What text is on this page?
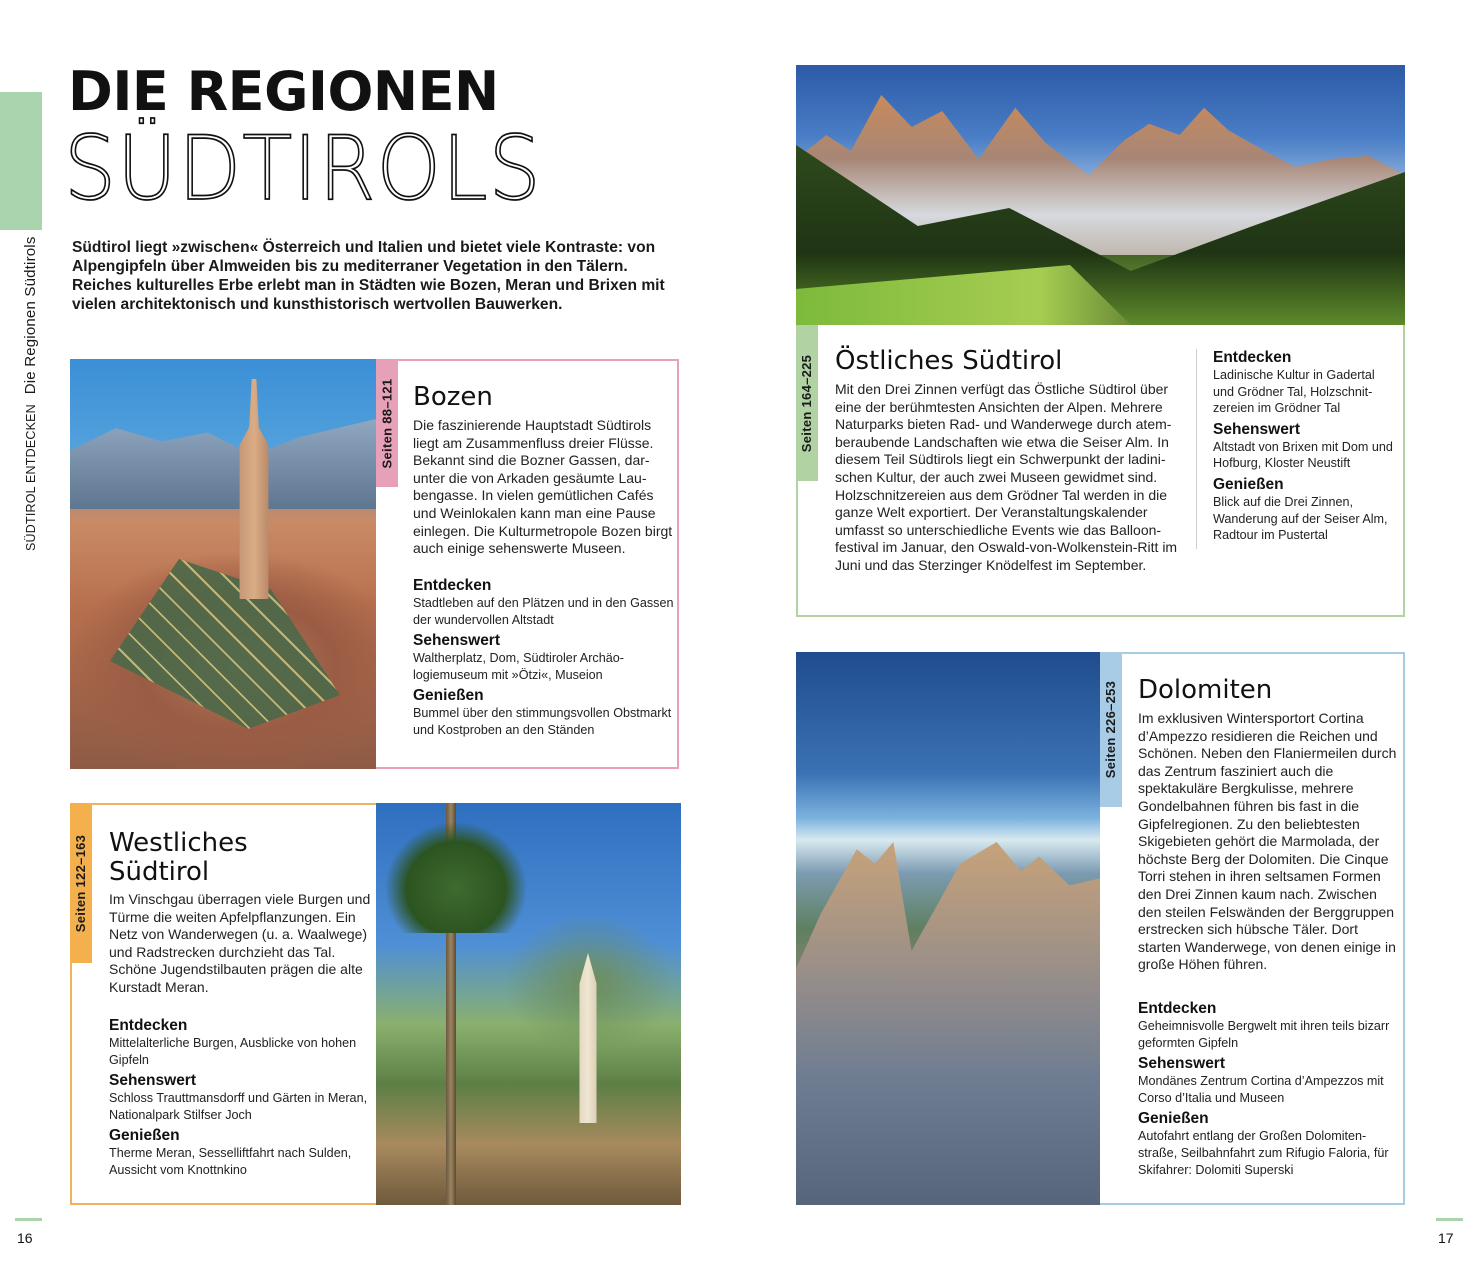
SÜDTIROL ENTDECKEN Die Regionen Südtirols
DIE REGIONEN
SÜDTIROLS

Südtirol liegt »zwischen« Österreich und Italien und bietet viele Kontraste: von Alpengipfeln über Almweiden bis zu mediterraner Vegetation in den Tälern. Reiches kulturelles Erbe erlebt man in Städten wie Bozen, Meran und Brixen mit vielen architektonisch und kunsthistorisch wertvollen Bauwerken.

Seiten 88–121 Bozen

Die faszinierende Hauptstadt Südtirols liegt am Zusammenfluss dreier Flüsse. Bekannt sind die Bozner Gassen, darunter die von Arkaden gesäumte Laubengasse. In vielen gemütlichen Cafés und Weinlokalen kann man eine Pause einlegen. Die Kulturmetropole Bozen birgt auch einige sehenswerte Museen.

Entdecken

Stadtleben auf den Plätzen und in den Gassen der wundervollen Altstadt

Sehenswert

Waltherplatz, Dom, Südtiroler Archäologiemuseum mit »Ötzi«, Museion

Genießen

Bummel über den stimmungsvollen Obstmarkt und Kostproben an den Ständen

Seiten 122–163 Westliches
Südtirol

Im Vinschgau überragen viele Burgen und Türme die weiten Apfelpflanzungen. Ein Netz von Wanderwegen (u. a. Waalwege) und Radstrecken durchzieht das Tal. Schöne Jugendstilbauten prägen die alte Kurstadt Meran.

Entdecken

Mittelalterliche Burgen, Ausblicke von hohen Gipfeln

Sehenswert

Schloss Trauttmansdorff und Gärten in Meran, Nationalpark Stilfser Joch

Genießen

Therme Meran, Sesselliftfahrt nach Sulden, Aussicht vom Knottnkino

Seiten 164–225 Östliches Südtirol

Mit den Drei Zinnen verfügt das Östliche Südtirol über eine der berühmtesten Ansichten der Alpen. Mehrere Naturparks bieten Rad- und Wanderwege durch atemberaubende Landschaften wie etwa die Seiser Alm. In diesem Teil Südtirols liegt ein Schwerpunkt der ladinischen Kultur, der auch zwei Museen gewidmet sind. Holzschnitzereien aus dem Grödner Tal werden in die ganze Welt exportiert. Der Veranstaltungskalender umfasst so unterschiedliche Events wie das Balloonfestival im Januar, den Oswald-von-Wolkenstein-Ritt im Juni und das Sterzinger Knödelfest im September.

Entdecken

Ladinische Kultur in Gadertal und Grödner Tal, Holzschnitzereien im Grödner Tal

Sehenswert

Altstadt von Brixen mit Dom und Hofburg, Kloster Neustift

Genießen

Blick auf die Drei Zinnen, Wanderung auf der Seiser Alm, Radtour im Pustertal

Seiten 226–253 Dolomiten

Im exklusiven Wintersportort Cortina d’Ampezzo residieren die Reichen und Schönen. Neben den Flaniermeilen durch das Zentrum fasziniert auch die spektakuläre Bergkulisse, mehrere Gondelbahnen führen bis fast in die Gipfelregionen. Zu den beliebtesten Skigebieten gehört die Marmolada, der höchste Berg der Dolomiten. Die Cinque Torri stehen in ihren seltsamen Formen den Drei Zinnen kaum nach. Zwischen den steilen Felswänden der Berggruppen erstrecken sich hübsche Täler. Dort starten Wanderwege, von denen einige in große Höhen führen.

Entdecken

Geheimnisvolle Bergwelt mit ihren teils bizarr geformten Gipfeln

Sehenswert

Mondänes Zentrum Cortina d’Ampezzos mit Corso d’Italia und Museen

Genießen

Autofahrt entlang der Großen Dolomitenstraße, Seilbahnfahrt zum Rifugio Faloria, für Skifahrer: Dolomiti Superski

16	17
